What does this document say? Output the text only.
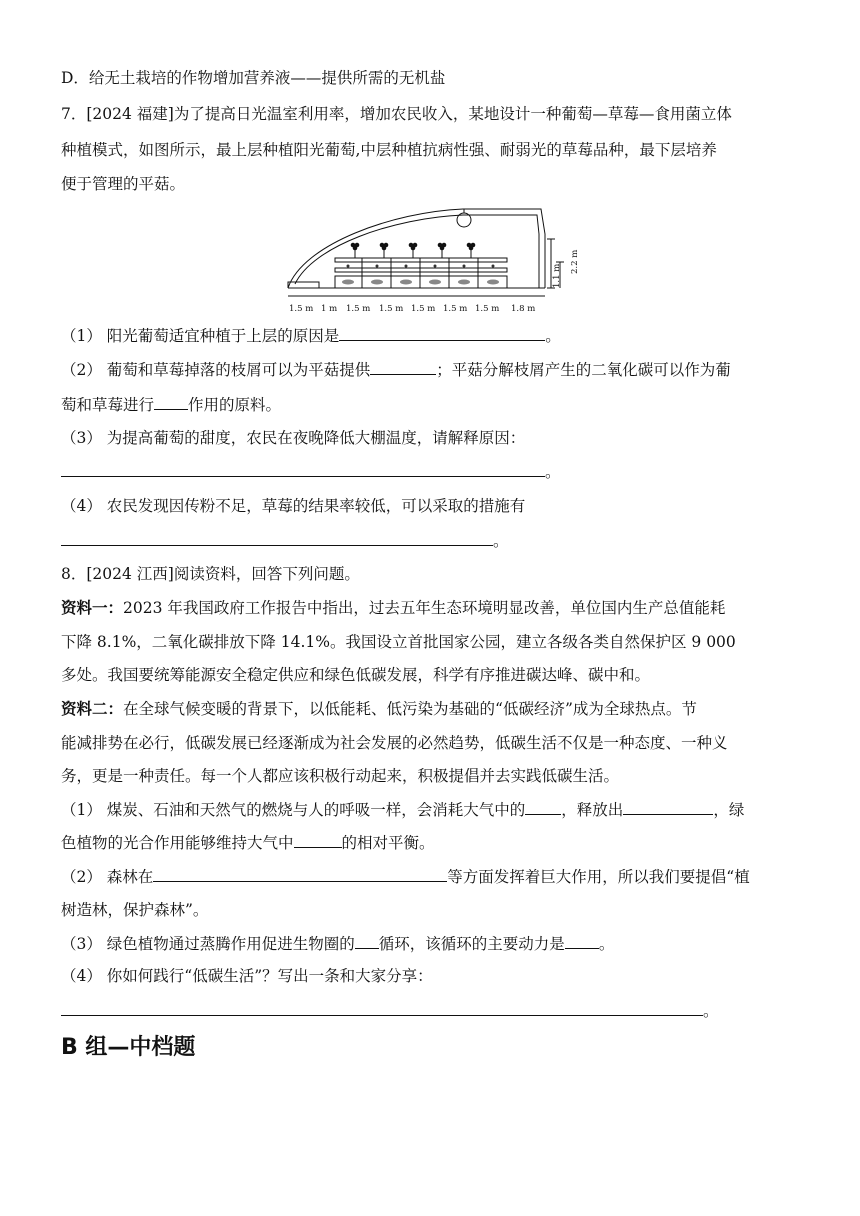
D．给无土栽培的作物增加营养液——提供所需的无机盐
7．[2024 福建]为了提高日光温室利用率，增加农民收入，某地设计一种葡萄—草莓—食用菌立体
种植模式，如图所示，最上层种植阳光葡萄,中层种植抗病性强、耐弱光的草莓品种，最下层培养
便于管理的平菇。
1.5 m 1 m 1.5 m 1.5 m 1.5 m 1.5 m 1.5 m 1.8 m
1.1 m
2.2 m
（1） 阳光葡萄适宜种植于上层的原因是	。
（2） 葡萄和草莓掉落的枝屑可以为平菇提供	；平菇分解枝屑产生的二氧化碳可以作为葡
萄和草莓进行 作用的原料。
（3） 为提高葡萄的甜度，农民在夜晚降低大棚温度，请解释原因：
。
（4） 农民发现因传粉不足，草莓的结果率较低，可以采取的措施有
。
8．[2024 江西]阅读资料，回答下列问题。
资料一：2023 年我国政府工作报告中指出，过去五年生态环境明显改善，单位国内生产总值能耗
下降 8.1%，二氧化碳排放下降 14.1%。我国设立首批国家公园，建立各级各类自然保护区 9 000
多处。我国要统筹能源安全稳定供应和绿色低碳发展，科学有序推进碳达峰、碳中和。
资料二：在全球气候变暖的背景下，以低能耗、低污染为基础的“低碳经济”成为全球热点。节
能减排势在必行，低碳发展已经逐渐成为社会发展的必然趋势，低碳生活不仅是一种态度、一种义
务，更是一种责任。每一个人都应该积极行动起来，积极提倡并去实践低碳生活。
（1） 煤炭、石油和天然气的燃烧与人的呼吸一样，会消耗大气中的 ，释放出	，绿
色植物的光合作用能够维持大气中	的相对平衡。
（2） 森林在	等方面发挥着巨大作用，所以我们要提倡“植
树造林，保护森林”。
（3） 绿色植物通过蒸腾作用促进生物圈的 循环，该循环的主要动力是 。
（4） 你如何践行“低碳生活”？写出一条和大家分享：
。
B 组—中档题
